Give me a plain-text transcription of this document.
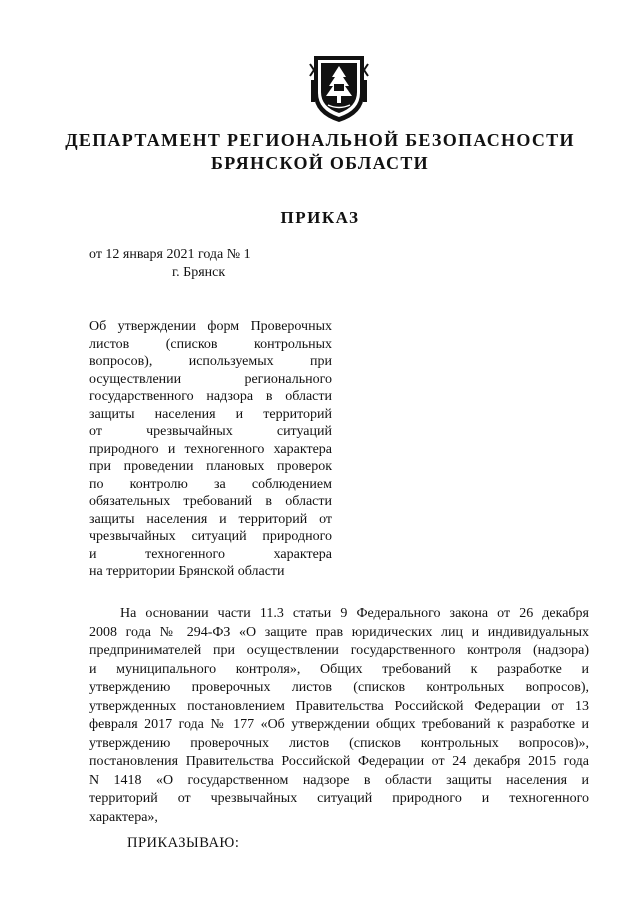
ДЕПАРТАМЕНТ РЕГИОНАЛЬНОЙ БЕЗОПАСНОСТИ
БРЯНСКОЙ ОБЛАСТИ
ПРИКАЗ
от 12 января 2021 года № 1
г. Брянск
Об утверждении форм Проверочных
листов (списков контрольных
вопросов), используемых при
осуществлении регионального
государственного надзора в области
защиты населения и территорий
от чрезвычайных ситуаций
природного и техногенного характера
при проведении плановых проверок
по контролю за соблюдением
обязательных требований в области
защиты населения и территорий от
чрезвычайных ситуаций природного
и техногенного характера
на территории Брянской области
На основании части 11.3 статьи 9 Федерального закона от 26 декабря
2008 года № 294-ФЗ «О защите прав юридических лиц и индивидуальных
предпринимателей при осуществлении государственного контроля (надзора)
и муниципального контроля», Общих требований к разработке и
утверждению проверочных листов (списков контрольных вопросов),
утвержденных постановлением Правительства Российской Федерации от 13
февраля 2017 года № 177 «Об утверждении общих требований к разработке и
утверждению проверочных листов (списков контрольных вопросов)»,
постановления Правительства Российской Федерации от 24 декабря 2015 года
N 1418 «О государственном надзоре в области защиты населения и
территорий от чрезвычайных ситуаций природного и техногенного
характера»,
ПРИКАЗЫВАЮ:
